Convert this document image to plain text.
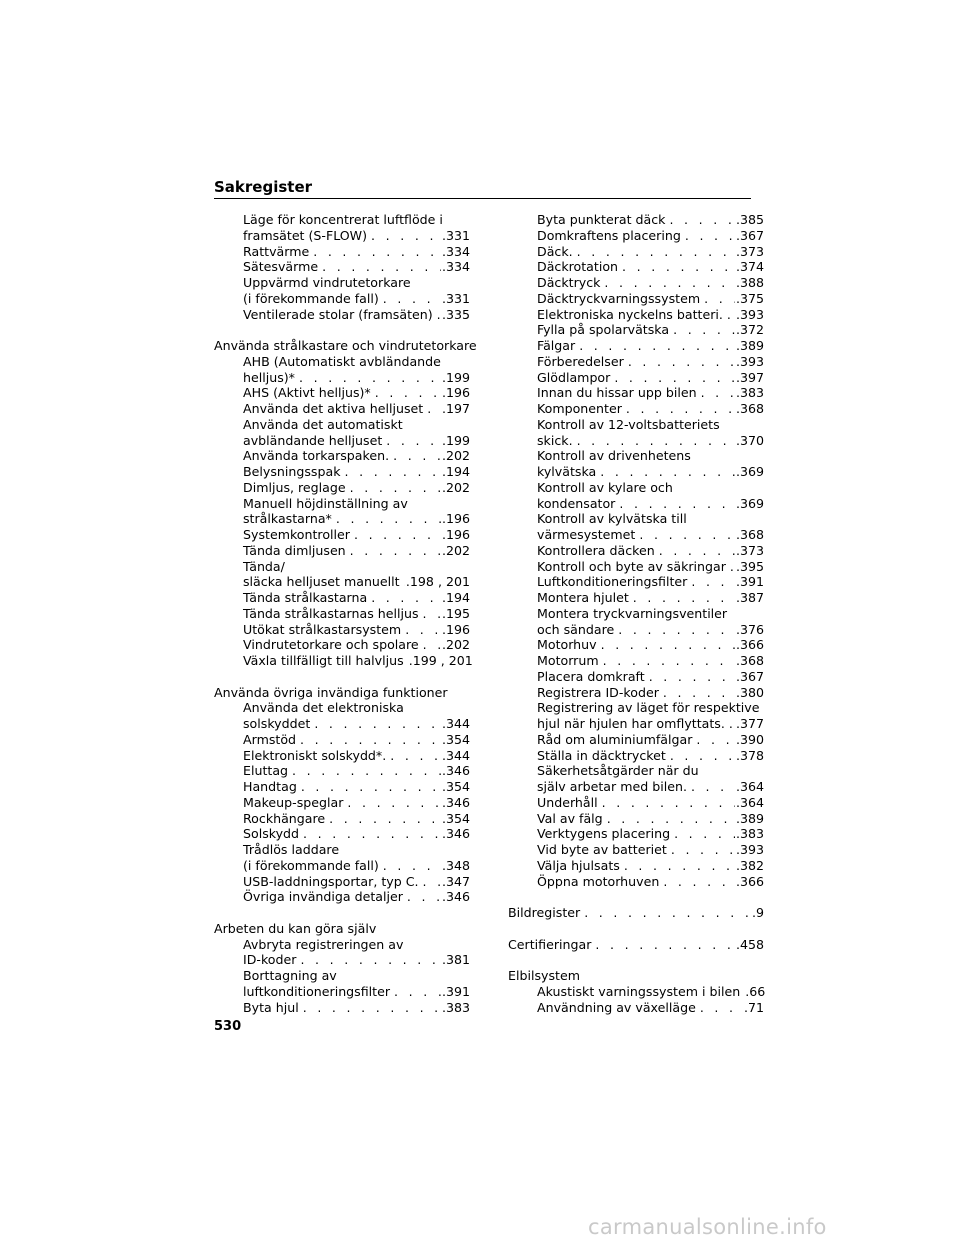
Sakregister
Läge för koncentrerat luftflöde i
framsätet (S-FLOW) . . .	.331
Rattvärme . . .	.334
Sätesvärme . . .	.334
Uppvärmd vindrutetorkare
(i förekommande fall) . . .	.331
Ventilerade stolar (framsäten) . . . .335
Använda strålkastare och vindrutetorkare
AHB (Automatiskt avbländande
helljus)* . . .	.199
AHS (Aktivt helljus)* . . .	.196
Använda det aktiva helljuset . . . .197
Använda det automatiskt
avbländande helljuset . . .	.199
Använda torkarspaken. . . .	.202
Belysningsspak . . .	.194
Dimljus, reglage . . .	.202
Manuell höjdinställning av
strålkastarna* . . .	.196
Systemkontroller . . .	.196
Tända dimljusen . . .	.202
Tända/
släcka helljuset manuellt . . . .198 , 201
Tända strålkastarna . . .	.194
Tända strålkastarnas helljus . . . .195
Utökat strålkastarsystem . . .	.196
Vindrutetorkare och spolare . . . .202
Växla tillfälligt till halvljus . . . .199 , 201
Använda övriga invändiga funktioner
Använda det elektroniska
solskyddet . . .	.344
Armstöd . . .	.354
Elektroniskt solskydd*. . . .	.344
Eluttag . . .	.346
Handtag . . .	.354
Makeup-speglar . . .	.346
Rockhängare . . .	.354
Solskydd . . .	.346
Trådlös laddare
(i förekommande fall) . . .	.348
USB-laddningsportar, typ C. . . . .347
Övriga invändiga detaljer . . .	.346
Arbeten du kan göra själv
Avbryta registreringen av
ID-koder . . .	.381
Borttagning av
luftkonditioneringsfilter . . .	.391
Byta hjul . . .	.383
Byta punkterat däck . . .	.385
Domkraftens placering . . .	.367
Däck. . . .	.373
Däckrotation . . .	.374
Däcktryck . . .	.388
Däcktryckvarningssystem . . .	.375
Elektroniska nyckelns batteri. . . . .393
Fylla på spolarvätska . . .	.372
Fälgar . . .	.389
Förberedelser . . .	.393
Glödlampor . . .	.397
Innan du hissar upp bilen . . .	.383
Komponenter . . .	.368
Kontroll av 12-voltsbatteriets
skick. . . .	.370
Kontroll av drivenhetens
kylvätska . . .	.369
Kontroll av kylare och
kondensator . . .	.369
Kontroll av kylvätska till
värmesystemet . . .	.368
Kontrollera däcken . . .	.373
Kontroll och byte av säkringar . . . .395
Luftkonditioneringsfilter . . .	.391
Montera hjulet . . .	.387
Montera tryckvarningsventiler
och sändare . . .	.376
Motorhuv . . .	.366
Motorrum . . .	.368
Placera domkraft . . .	.367
Registrera ID-koder . . .	.380
Registrering av läget för respektive
hjul när hjulen har omflyttats. . . . .377
Råd om aluminiumfälgar . . .	.390
Ställa in däcktrycket . . .	.378
Säkerhetsåtgärder när du
själv arbetar med bilen. . . .	.364
Underhåll . . .	.364
Val av fälg . . .	.389
Verktygens placering . . .	.383
Vid byte av batteriet . . .	.393
Välja hjulsats . . .	.382
Öppna motorhuven . . .	.366
Bildregister . . .	.9
Certifieringar . . .	.458
Elbilsystem
Akustiskt varningssystem i bilen . . . .66
Användning av växelläge . . .	.71
530
carmanualsonline.info
